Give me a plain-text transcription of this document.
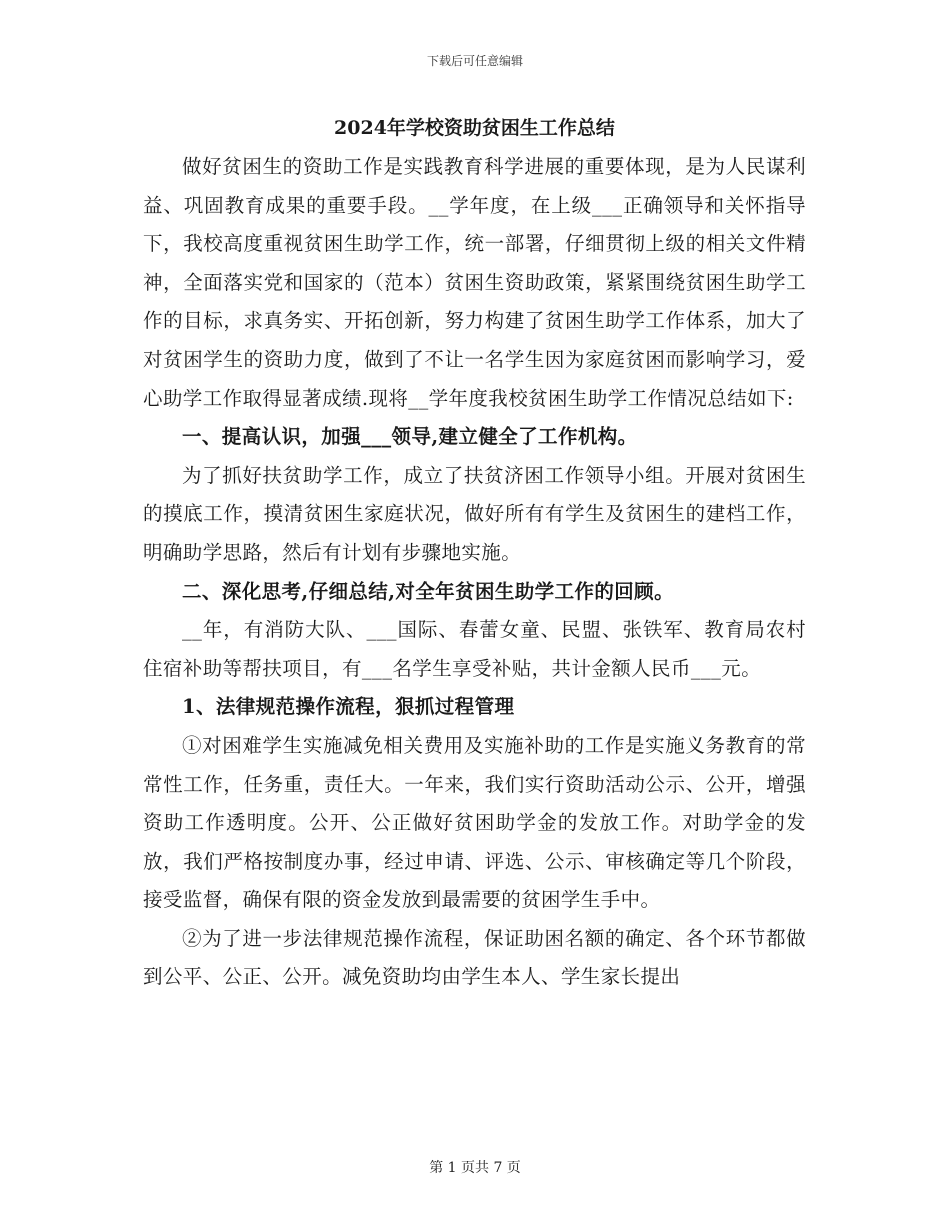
下载后可任意编辑
2024年学校资助贫困生工作总结

做好贫困生的资助工作是实践教育科学进展的重要体现，是为人民谋利益、巩固教育成果的重要手段。__学年度，在上级___正确领导和关怀指导下，我校高度重视贫困生助学工作，统一部署，仔细贯彻上级的相关文件精神，全面落实党和国家的（范本）贫困生资助政策，紧紧围绕贫困生助学工作的目标，求真务实、开拓创新，努力构建了贫困生助学工作体系，加大了对贫困学生的资助力度，做到了不让一名学生因为家庭贫困而影响学习，爱心助学工作取得显著成绩.现将__学年度我校贫困生助学工作情况总结如下:

一、提高认识，加强___领导,建立健全了工作机构。

为了抓好扶贫助学工作，成立了扶贫济困工作领导小组。开展对贫困生的摸底工作，摸清贫困生家庭状况，做好所有有学生及贫困生的建档工作，明确助学思路，然后有计划有步骤地实施。

二、深化思考,仔细总结,对全年贫困生助学工作的回顾。

__年，有消防大队、___国际、春蕾女童、民盟、张铁军、教育局农村住宿补助等帮扶项目，有___名学生享受补贴，共计金额人民币___元。

1、法律规范操作流程，狠抓过程管理

①对困难学生实施减免相关费用及实施补助的工作是实施义务教育的常常性工作，任务重，责任大。一年来，我们实行资助活动公示、公开，增强资助工作透明度。公开、公正做好贫困助学金的发放工作。对助学金的发放，我们严格按制度办事，经过申请、评选、公示、审核确定等几个阶段，接受监督，确保有限的资金发放到最需要的贫困学生手中。

②为了进一步法律规范操作流程，保证助困名额的确定、各个环节都做到公平、公正、公开。减免资助均由学生本人、学生家长提出

第 1 页共 7 页
